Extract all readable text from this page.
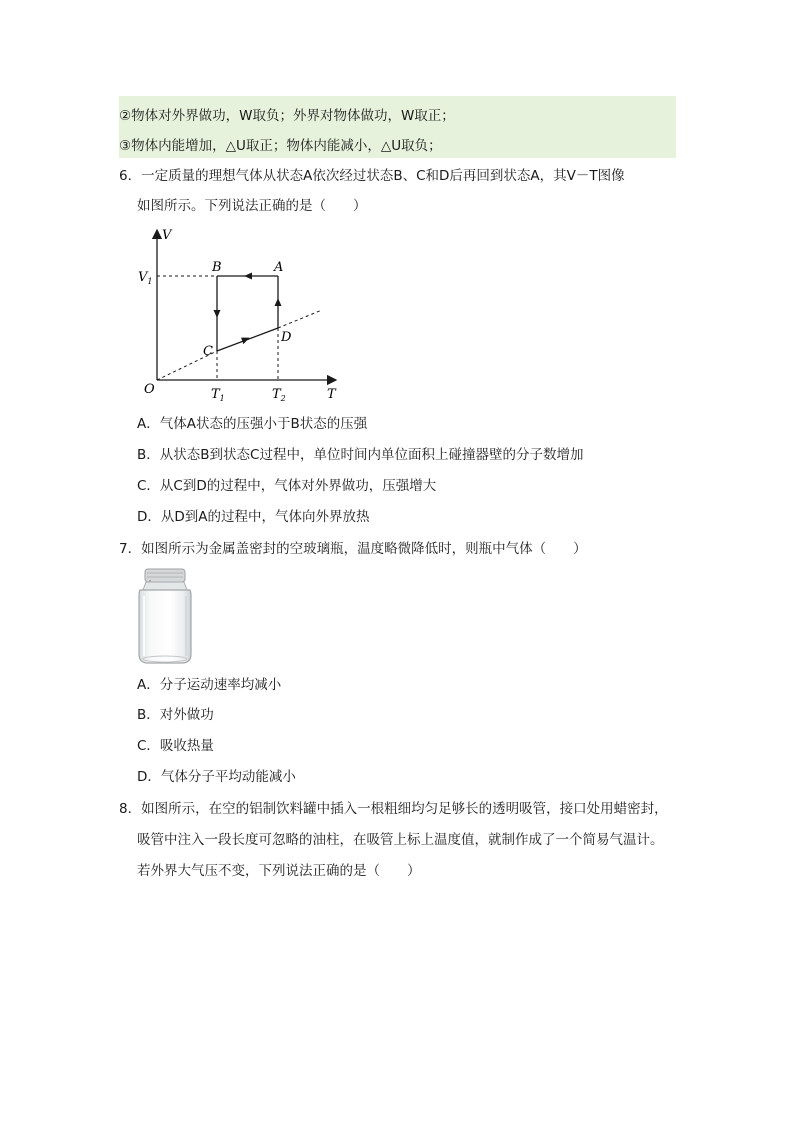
②物体对外界做功，W取负；外界对物体做功，W取正；
③物体内能增加，△U取正；物体内能减小，△U取负；
6．一定质量的理想气体从状态A依次经过状态B、C和D后再回到状态A，其V－T图像
如图所示。下列说法正确的是（　　）
V
T
O
$V_1$
$T_1$	$T_2$
A
B
C
D
A．气体A状态的压强小于B状态的压强
B．从状态B到状态C过程中，单位时间内单位面积上碰撞器壁的分子数增加
C．从C到D的过程中，气体对外界做功，压强增大
D．从D到A的过程中，气体向外界放热
7．如图所示为金属盖密封的空玻璃瓶，温度略微降低时，则瓶中气体（　　）
A．分子运动速率均减小
B．对外做功
C．吸收热量
D．气体分子平均动能减小
8．如图所示，在空的铝制饮料罐中插入一根粗细均匀足够长的透明吸管，接口处用蜡密封，
吸管中注入一段长度可忽略的油柱，在吸管上标上温度值，就制作成了一个简易气温计。
若外界大气压不变，下列说法正确的是（　　）
